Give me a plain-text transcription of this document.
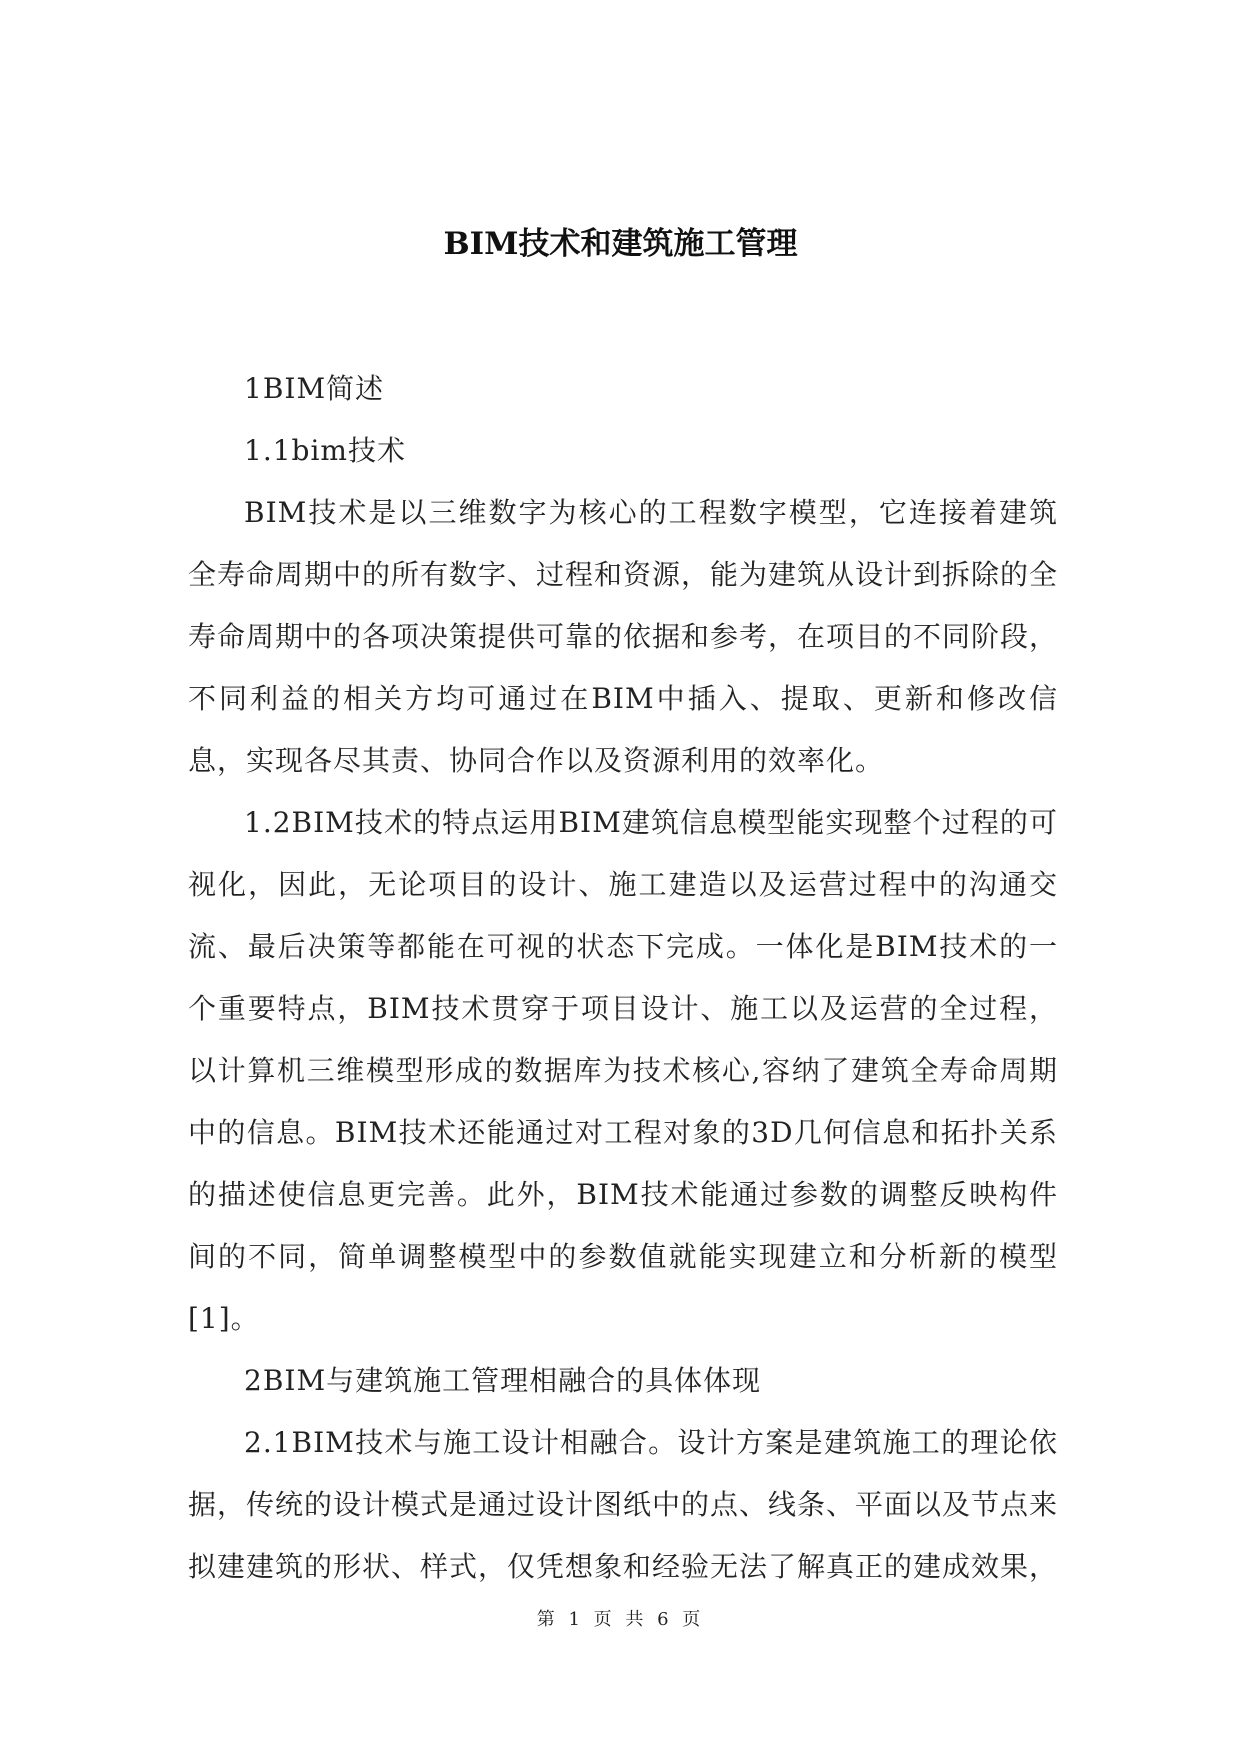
BIM技术和建筑施工管理

1BIM简述

1.1bim技术

BIM技术是以三维数字为核心的工程数字模型，它连接着建筑全寿命周期中的所有数字、过程和资源，能为建筑从设计到拆除的全寿命周期中的各项决策提供可靠的依据和参考，在项目的不同阶段，不同利益的相关方均可通过在BIM中插入、提取、更新和修改信息，实现各尽其责、协同合作以及资源利用的效率化。

1.2BIM技术的特点运用BIM建筑信息模型能实现整个过程的可视化，因此，无论项目的设计、施工建造以及运营过程中的沟通交流、最后决策等都能在可视的状态下完成。一体化是BIM技术的一个重要特点，BIM技术贯穿于项目设计、施工以及运营的全过程，以计算机三维模型形成的数据库为技术核心,容纳了建筑全寿命周期中的信息。BIM技术还能通过对工程对象的3D几何信息和拓扑关系的描述使信息更完善。此外，BIM技术能通过参数的调整反映构件间的不同，简单调整模型中的参数值就能实现建立和分析新的模型[1]。

2BIM与建筑施工管理相融合的具体体现

2.1BIM技术与施工设计相融合。设计方案是建筑施工的理论依据，传统的设计模式是通过设计图纸中的点、线条、平面以及节点来拟建建筑的形状、样式，仅凭想象和经验无法了解真正的建成效果，

第 1 页 共 6 页
